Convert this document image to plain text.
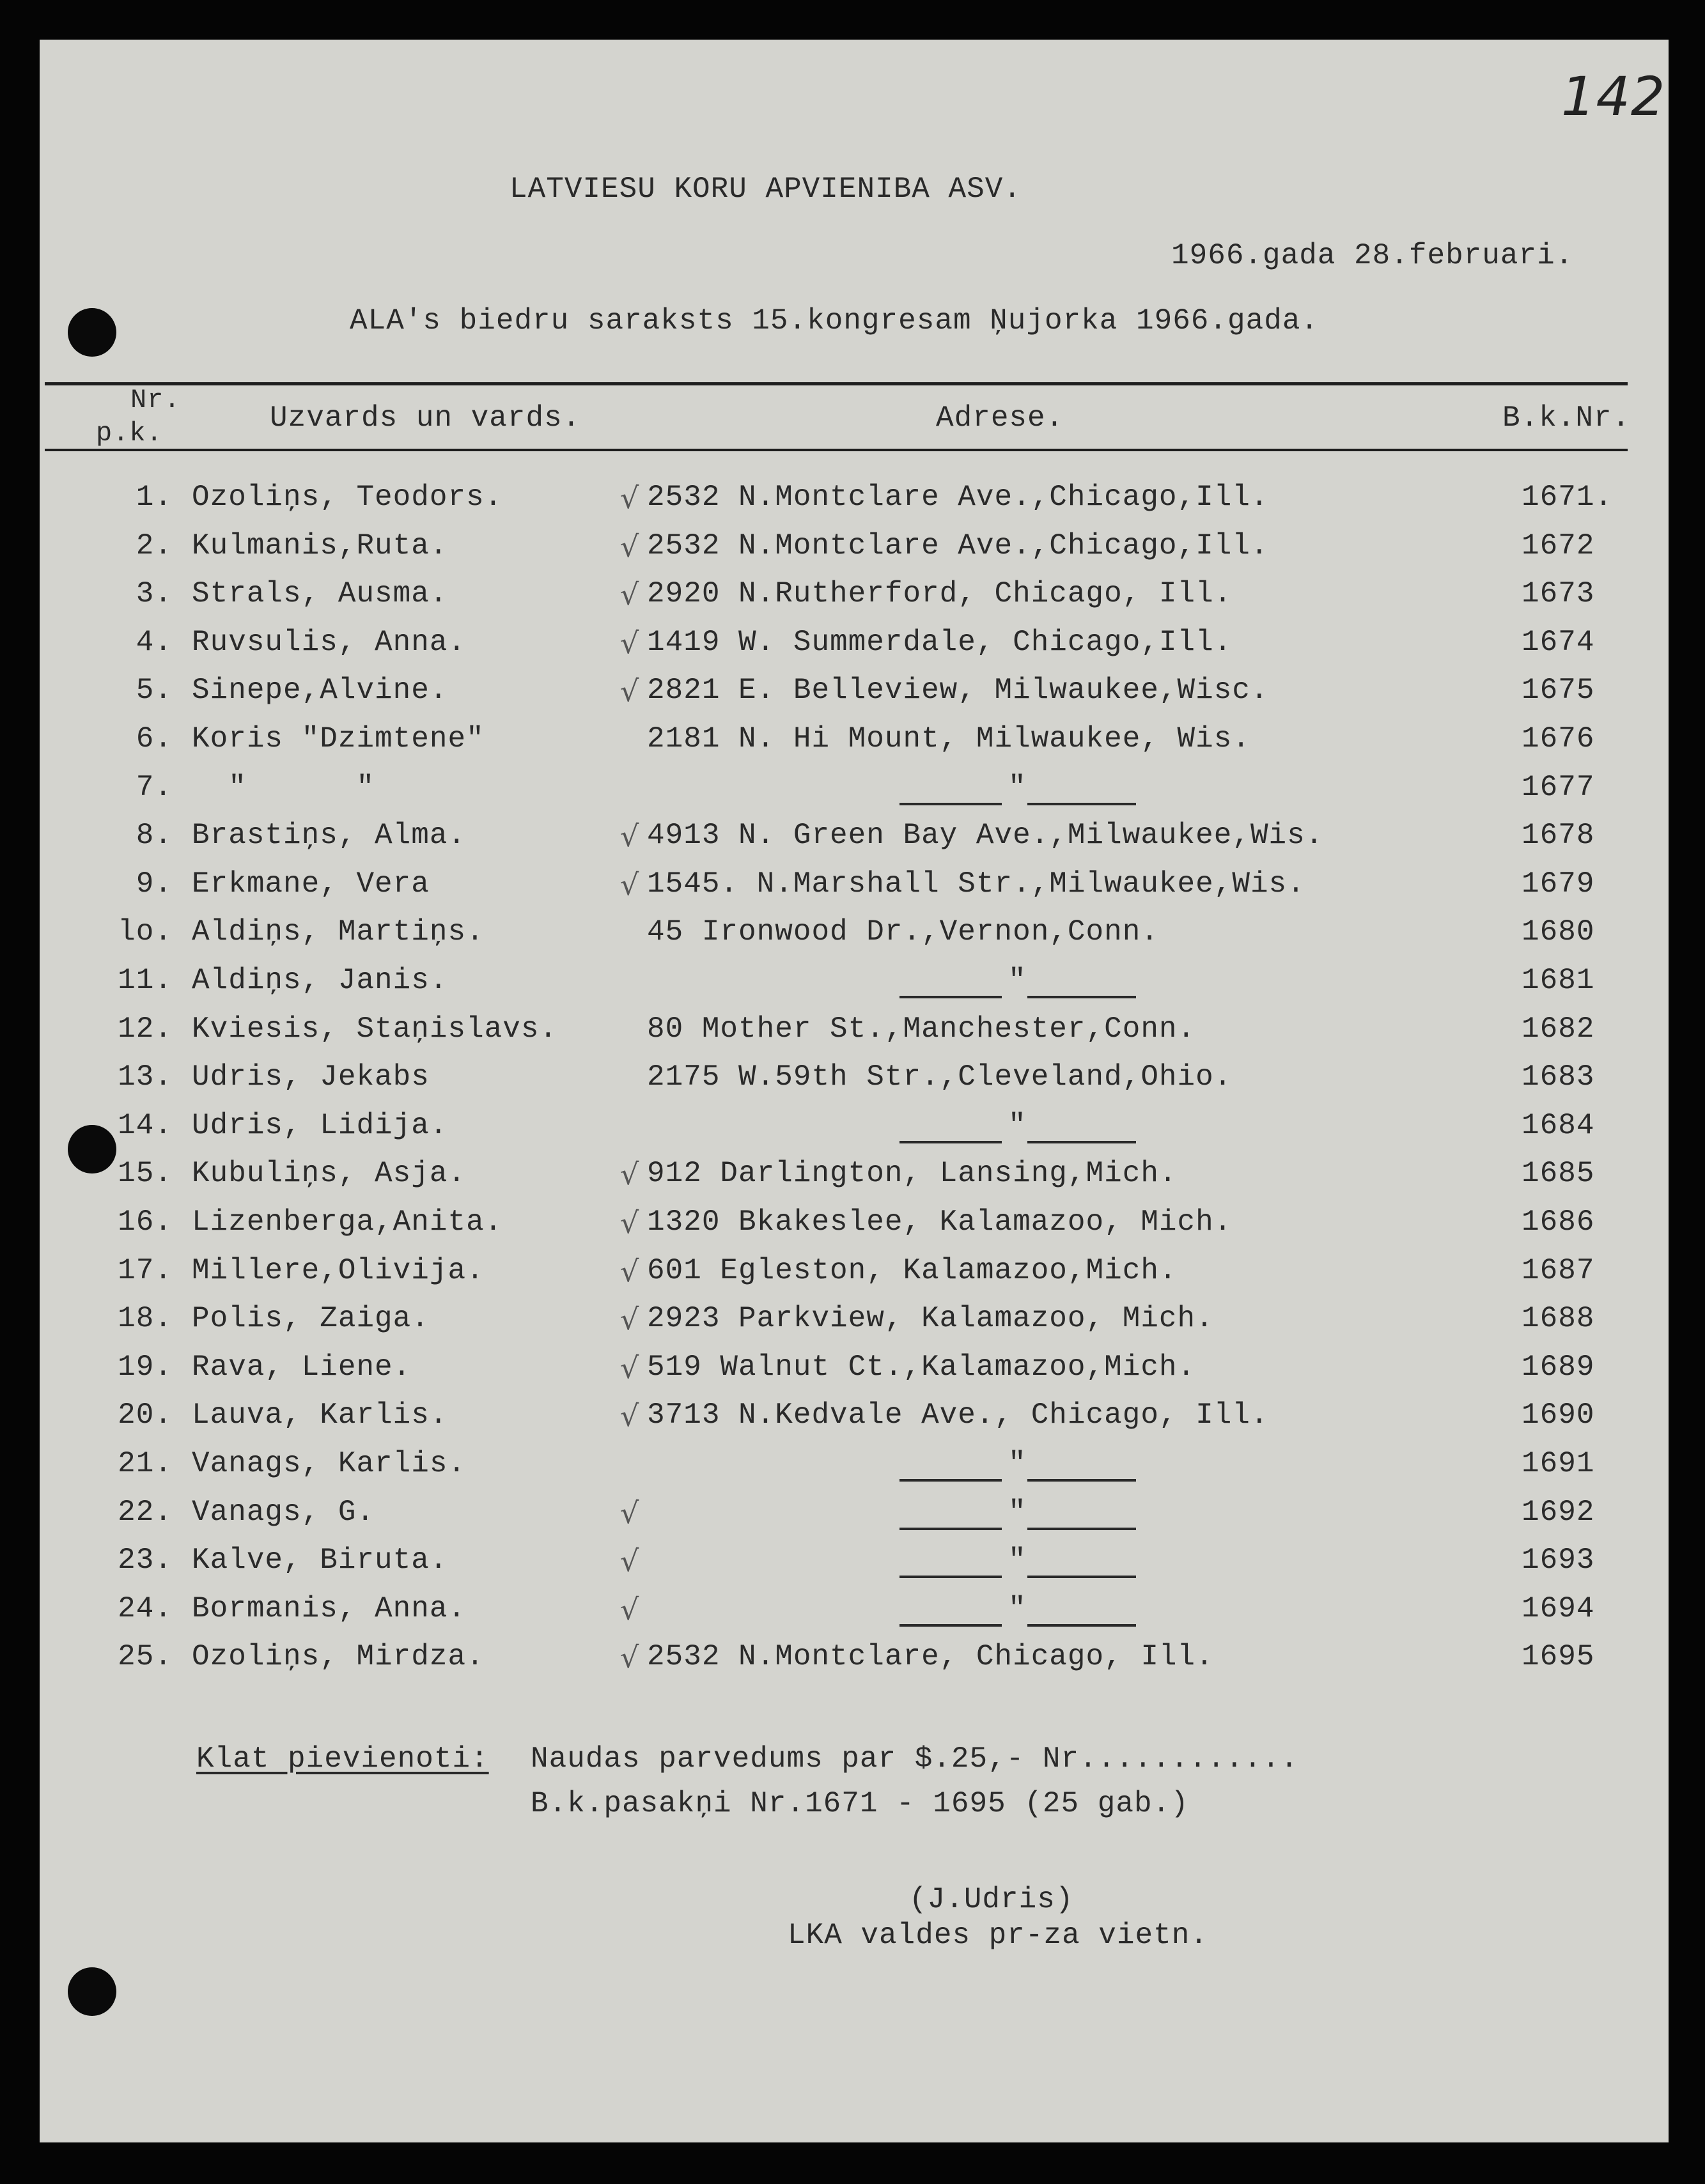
142
LATVIESU KORU APVIENIBA ASV.
1966.gada 28.februari.
ALA's biedru saraksts 15.kongresam Ņujorka 1966.gada.
Nr.
p.k.	Uzvards un vards.	Adrese.	B.k.Nr.
1. Ozoliņs, Teodors.	√ 2532 N.Montclare Ave.,Chicago,Ill.	1671.
2. Kulmanis,Ruta.	√ 2532 N.Montclare Ave.,Chicago,Ill.	1672
3. Strals, Ausma.	√ 2920 N.Rutherford, Chicago, Ill.	1673
4. Ruvsulis, Anna.	√ 1419 W. Summerdale, Chicago,Ill.	1674
5. Sinepe,Alvine.	√ 2821 E. Belleview, Milwaukee,Wisc.	1675
6. Koris "Dzimtene"	2181 N. Hi Mount, Milwaukee, Wis.	1676
7. "      "	"	1677
8. Brastiņs, Alma.	√ 4913 N. Green Bay Ave.,Milwaukee,Wis.	1678
9. Erkmane, Vera	√ 1545. N.Marshall Str.,Milwaukee,Wis.	1679
lo. Aldiņs, Martiņs.	45 Ironwood Dr.,Vernon,Conn.	1680
11. Aldiņs, Janis.	"	1681
12. Kviesis, Staņislavs.	80 Mother St.,Manchester,Conn.	1682
13. Udris, Jekabs	2175 W.59th Str.,Cleveland,Ohio.	1683
14. Udris, Lidija.	"	1684
15. Kubuliņs, Asja.	√ 912 Darlington, Lansing,Mich.	1685
16. Lizenberga,Anita.	√ 1320 Bkakeslee, Kalamazoo, Mich.	1686
17. Millere,Olivija.	√ 601 Egleston, Kalamazoo,Mich.	1687
18. Polis, Zaiga.	√ 2923 Parkview, Kalamazoo, Mich.	1688
19. Rava, Liene.	√ 519 Walnut Ct.,Kalamazoo,Mich.	1689
20. Lauva, Karlis.	√ 3713 N.Kedvale Ave., Chicago, Ill.	1690
21. Vanags, Karlis.	"	1691
22. Vanags, G.	√	"	1692
23. Kalve, Biruta.	√	"	1693
24. Bormanis, Anna.	√	"	1694
25. Ozoliņs, Mirdza.	√ 2532 N.Montclare, Chicago, Ill.	1695
Klat pievienoti: Naudas parvedums par $.25,- Nr............
B.k.pasakņi Nr.1671 - 1695 (25 gab.)
(J.Udris)
LKA valdes pr-za vietn.
